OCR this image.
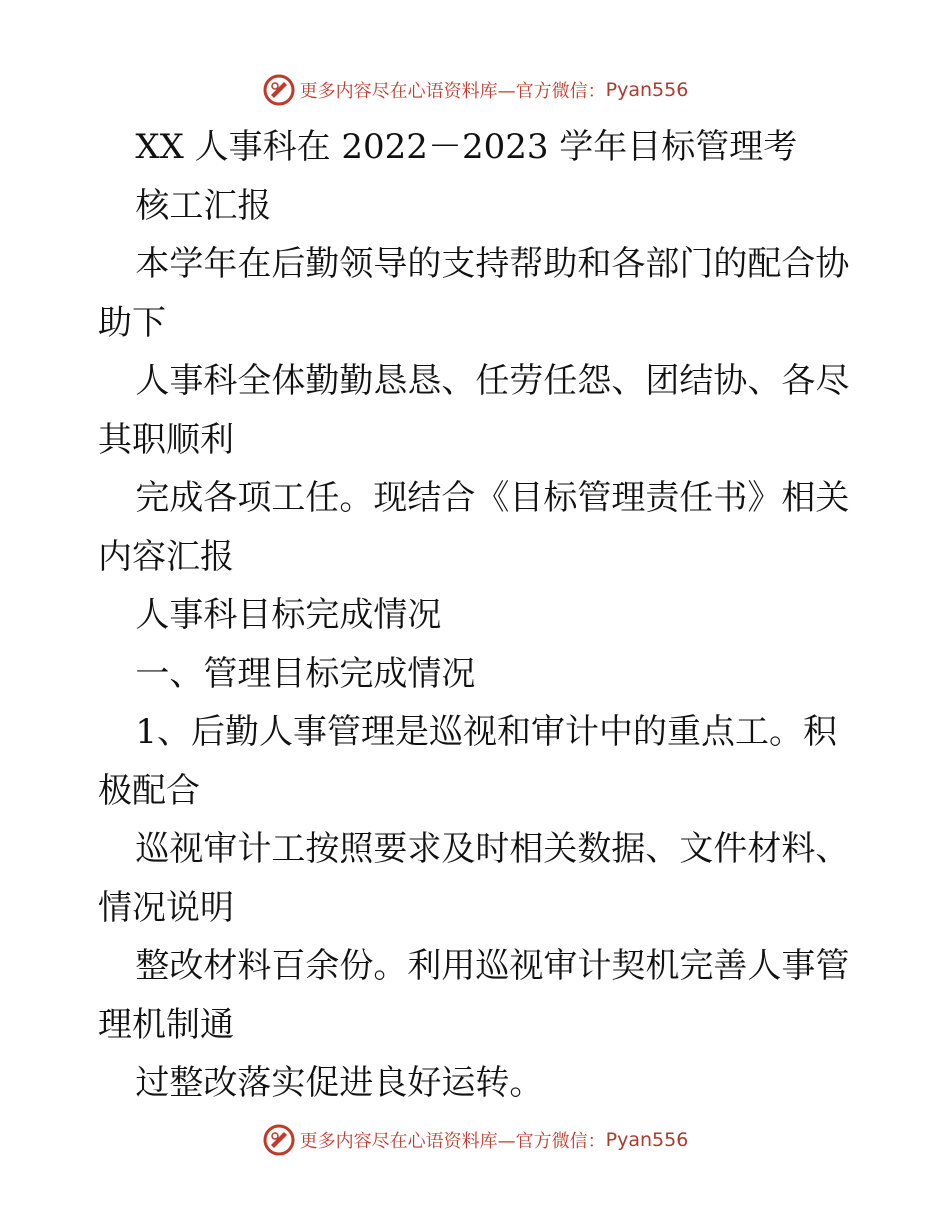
更多内容尽在心语资料库—官方微信： Pyan556

XX 人事科在 2022－2023 学年目标管理考

核工汇报

本学年在后勤领导的支持帮助和各部门的配合协助下

人事科全体勤勤恳恳、任劳任怨、团结协、各尽其职顺利

完成各项工任。现结合《目标管理责任书》相关内容汇报

人事科目标完成情况

一、管理目标完成情况

1、后勤人事管理是巡视和审计中的重点工。积极配合

巡视审计工按照要求及时相关数据、文件材料、情况说明

整改材料百余份。利用巡视审计契机完善人事管理机制通

过整改落实促进良好运转。

更多内容尽在心语资料库—官方微信： Pyan556
